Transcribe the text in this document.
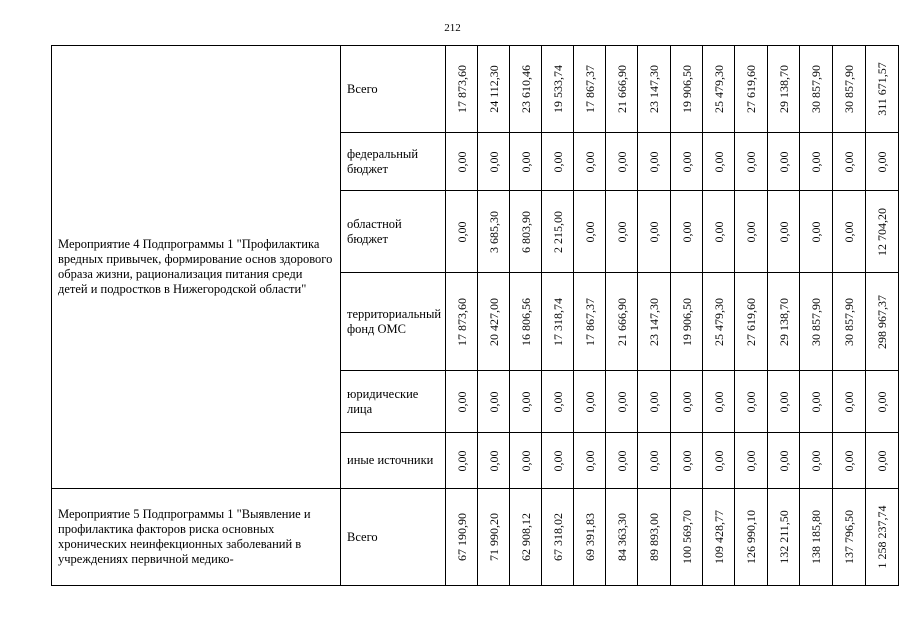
212
Мероприятие 4 Подпрограммы 1 "Профилактика вредных привычек, формирование основ здорового образа жизни, рационализация питания среди детей и подростков в Нижегородской области"	Всего	17 873,60	24 112,30	23 610,46	19 533,74	17 867,37	21 666,90	23 147,30	19 906,50	25 479,30	27 619,60	29 138,70	30 857,90	30 857,90	311 671,57

	федеральный бюджет	0,00	0,00	0,00	0,00	0,00	0,00	0,00	0,00	0,00	0,00	0,00	0,00	0,00	0,00

	областной бюджет	0,00	3 685,30	6 803,90	2 215,00	0,00	0,00	0,00	0,00	0,00	0,00	0,00	0,00	0,00	12 704,20

	территориальный фонд ОМС	17 873,60	20 427,00	16 806,56	17 318,74	17 867,37	21 666,90	23 147,30	19 906,50	25 479,30	27 619,60	29 138,70	30 857,90	30 857,90	298 967,37

	юридические лица	0,00	0,00	0,00	0,00	0,00	0,00	0,00	0,00	0,00	0,00	0,00	0,00	0,00	0,00

	иные источники	0,00	0,00	0,00	0,00	0,00	0,00	0,00	0,00	0,00	0,00	0,00	0,00	0,00	0,00

Мероприятие 5 Подпрограммы 1 "Выявление и профилактика факторов риска основных хронических неинфекционных заболеваний в учреждениях первичной медико-	Всего	67 190,90	71 990,20	62 908,12	67 318,02	69 391,83	84 363,30	89 893,00	100 569,70	109 428,77	126 990,10	132 211,50	138 185,80	137 796,50	1 258 237,74
